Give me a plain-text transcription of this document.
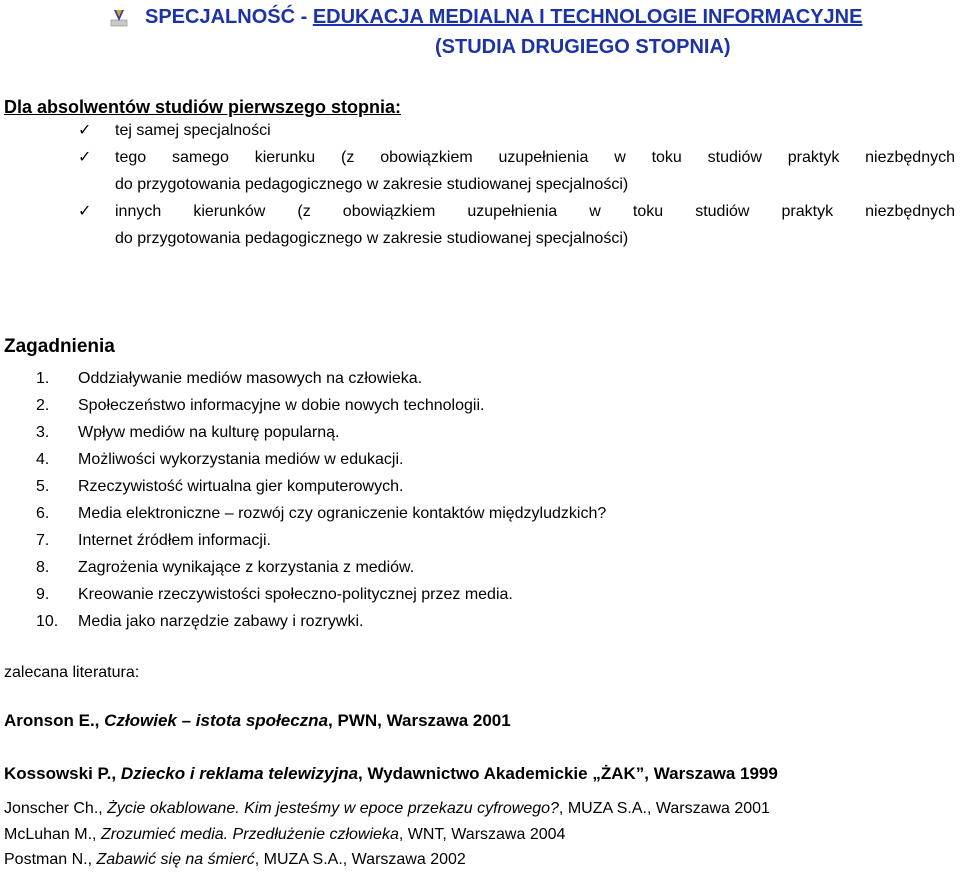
SPECJALNOŚĆ - EDUKACJA MEDIALNA I TECHNOLOGIE INFORMACYJNE
(STUDIA DRUGIEGO STOPNIA)
Dla absolwentów studiów pierwszego stopnia:
✓ tej samej specjalności
✓ tego samego kierunku (z obowiązkiem uzupełnienia w toku studiów praktyk niezbędnych
do przygotowania pedagogicznego w zakresie studiowanej specjalności)
✓ innych kierunków (z obowiązkiem uzupełnienia w toku studiów praktyk niezbędnych
do przygotowania pedagogicznego w zakresie studiowanej specjalności)
Zagadnienia
1. Oddziaływanie mediów masowych na człowieka.
2. Społeczeństwo informacyjne w dobie nowych technologii.
3. Wpływ mediów na kulturę popularną.
4. Możliwości wykorzystania mediów w edukacji.
5. Rzeczywistość wirtualna gier komputerowych.
6. Media elektroniczne – rozwój czy ograniczenie kontaktów międzyludzkich?
7. Internet źródłem informacji.
8. Zagrożenia wynikające z korzystania z mediów.
9. Kreowanie rzeczywistości społeczno-politycznej przez media.
10. Media jako narzędzie zabawy i rozrywki.
zalecana literatura:
Aronson E., Człowiek – istota społeczna, PWN, Warszawa 2001
Kossowski P., Dziecko i reklama telewizyjna, Wydawnictwo Akademickie „ŻAK”, Warszawa 1999
Jonscher Ch., Życie okablowane. Kim jesteśmy w epoce przekazu cyfrowego?, MUZA S.A., Warszawa 2001
McLuhan M., Zrozumieć media. Przedłużenie człowieka, WNT, Warszawa 2004
Postman N., Zabawić się na śmierć, MUZA S.A., Warszawa 2002
